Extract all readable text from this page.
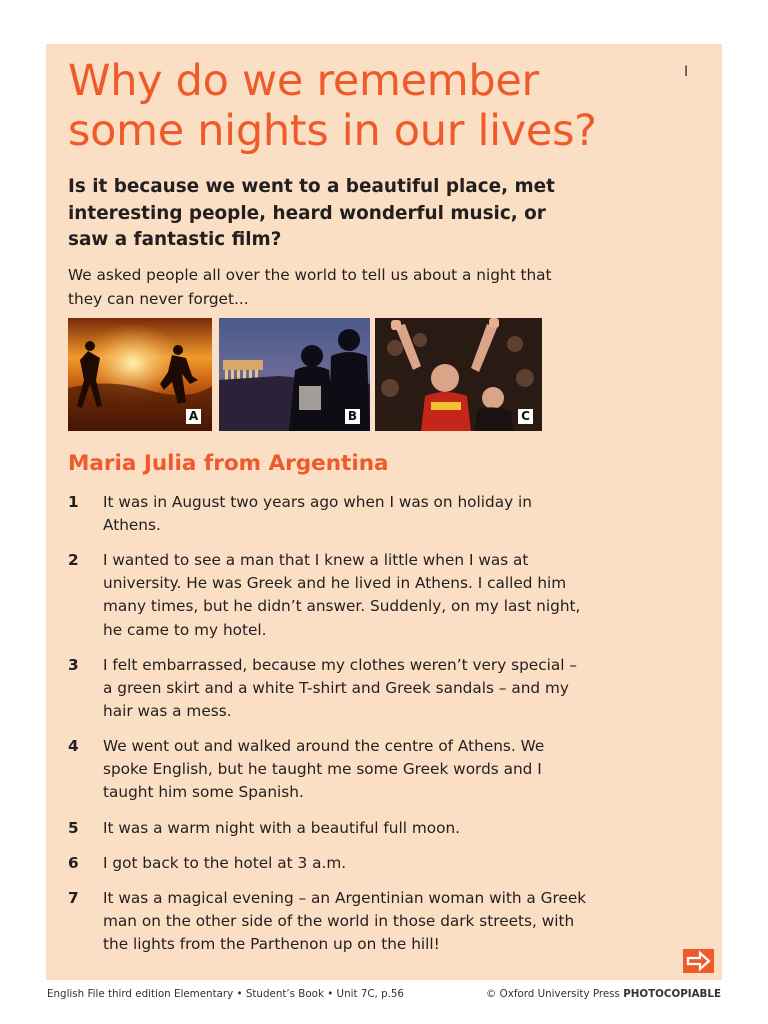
I
Why do we remember some nights in our lives?

Is it because we went to a beautiful place, met interesting people, heard wonderful music, or saw a fantastic film?

We asked people all over the world to tell us about a night that they can never forget...

A	B	C
Maria Julia from Argentina
1	It was in August two years ago when I was on holiday in Athens.
2	I wanted to see a man that I knew a little when I was at university. He was Greek and he lived in Athens. I called him many times, but he didn’t answer. Suddenly, on my last night, he came to my hotel.
3	I felt embarrassed, because my clothes weren’t very special – a green skirt and a white T-shirt and Greek sandals – and my hair was a mess.
4	We went out and walked around the centre of Athens. We spoke English, but he taught me some Greek words and I taught him some Spanish.
5	It was a warm night with a beautiful full moon.
6	I got back to the hotel at 3 a.m.
7	It was a magical evening – an Argentinian woman with a Greek man on the other side of the world in those dark streets, with the lights from the Parthenon up on the hill!
English File third edition Elementary • Student’s Book • Unit 7C, p.56	© Oxford University Press PHOTOCOPIABLE
